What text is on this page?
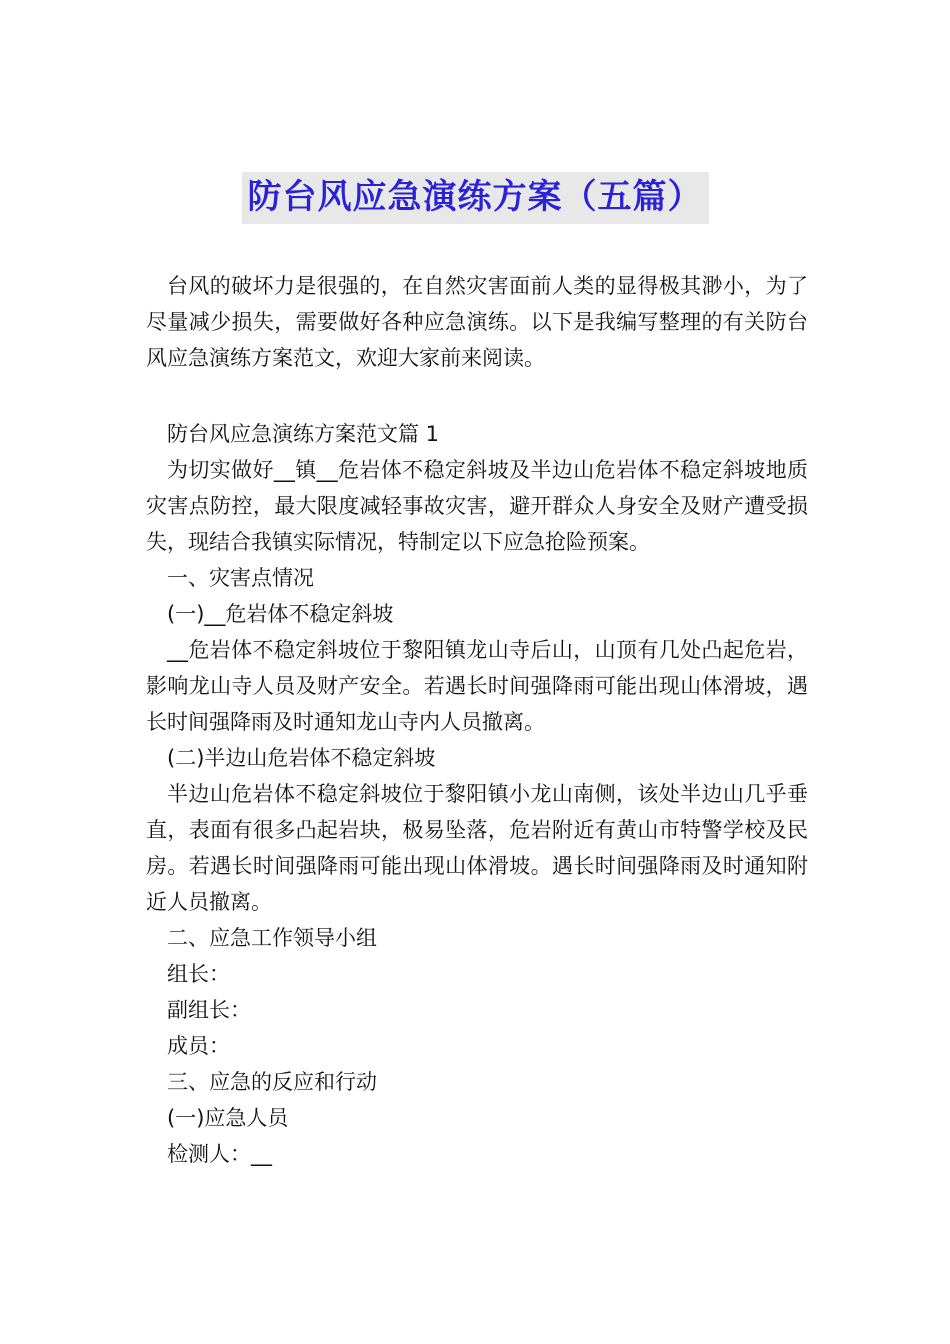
防台风应急演练方案（五篇）

台风的破坏力是很强的，在自然灾害面前人类的显得极其渺小，为了尽量减少损失，需要做好各种应急演练。以下是我编写整理的有关防台风应急演练方案范文，欢迎大家前来阅读。

防台风应急演练方案范文篇 1

为切实做好__镇__危岩体不稳定斜坡及半边山危岩体不稳定斜坡地质灾害点防控，最大限度减轻事故灾害，避开群众人身安全及财产遭受损失，现结合我镇实际情况，特制定以下应急抢险预案。

一、灾害点情况

(一)__危岩体不稳定斜坡

__危岩体不稳定斜坡位于黎阳镇龙山寺后山，山顶有几处凸起危岩，影响龙山寺人员及财产安全。若遇长时间强降雨可能出现山体滑坡，遇长时间强降雨及时通知龙山寺内人员撤离。

(二)半边山危岩体不稳定斜坡

半边山危岩体不稳定斜坡位于黎阳镇小龙山南侧，该处半边山几乎垂直，表面有很多凸起岩块，极易坠落，危岩附近有黄山市特警学校及民房。若遇长时间强降雨可能出现山体滑坡。遇长时间强降雨及时通知附近人员撤离。

二、应急工作领导小组

组长：

副组长：

成员：

三、应急的反应和行动

(一)应急人员

检测人：__
